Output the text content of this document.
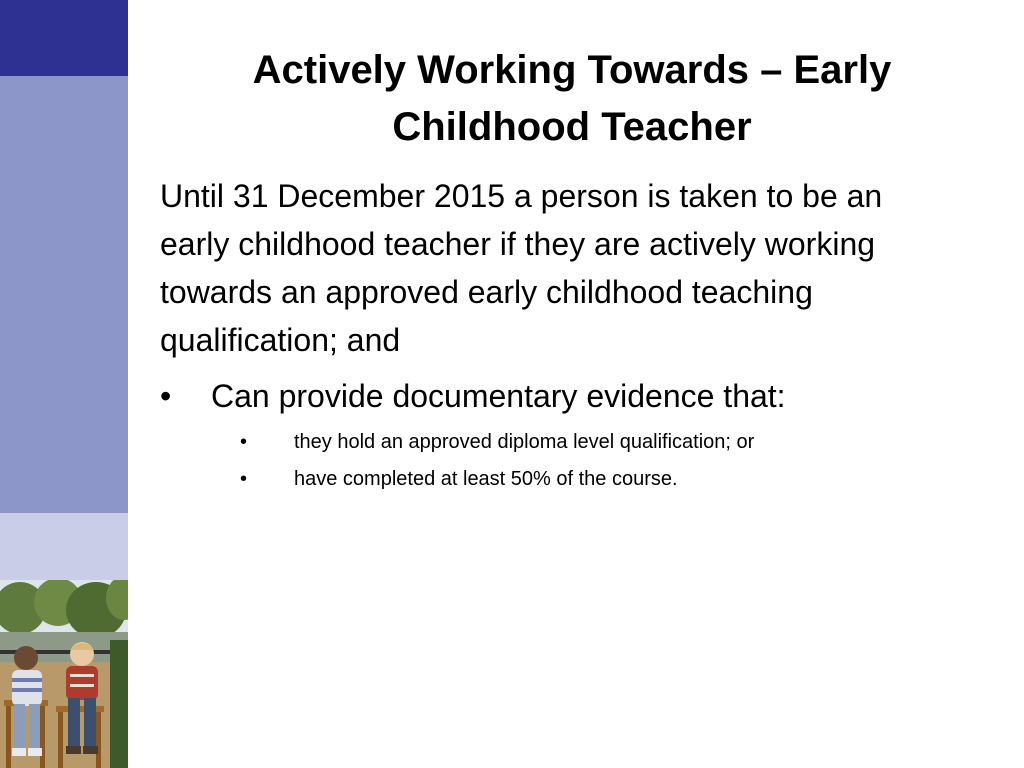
Actively Working Towards – Early
Childhood Teacher

Until 31 December 2015 a person is taken to be an early childhood teacher if they are actively working towards an approved early childhood teaching qualification; and

• Can provide documentary evidence that:
• they hold an approved diploma level qualification; or
• have completed at least 50% of the course.
